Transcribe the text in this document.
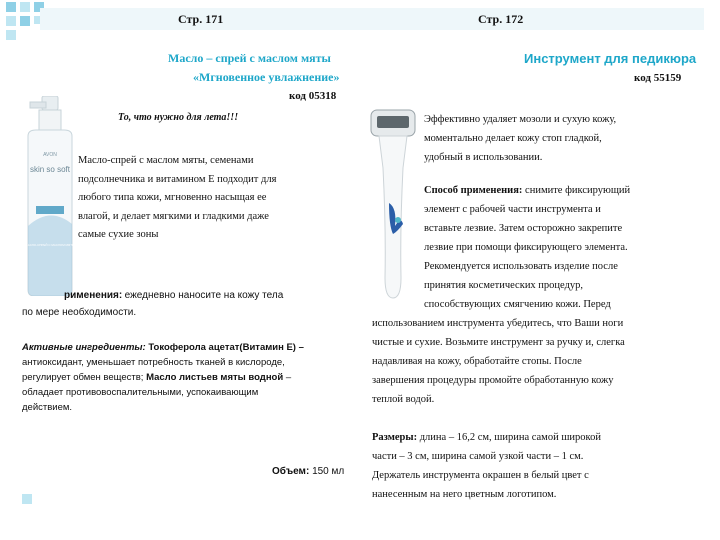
Стр. 171	Стр. 172
Масло – спрей с маслом мяты
«Мгновенное увлажнение»
код 05318
То, что нужно для лета!!!
AVON
skin so soft
МАСЛО-СПРЕЙ С МАСЛОМ МЯТЫ
Масло-спрей с маслом мяты, семенами
подсолнечника и витамином Е подходит для
любого типа кожи, мгновенно насыщая ее
влагой, и делает мягкими и гладкими даже
самые сухие зоны
рименения: ежедневно наносите на кожу тела
по мере необходимости.
Активные ингредиенты: Токоферола ацетат(Витамин Е) –
антиоксидант, уменьшает потребность тканей в кислороде,
регулирует обмен веществ; Масло листьев мяты водной –
обладает противовоспалительными, успокаивающим
действием.
Объем: 150 мл
Инструмент для педикюра
код 55159
Эффективно удаляет мозоли и сухую кожу,
моментально делает кожу стоп гладкой,
удобный в использовании.
Способ применения: снимите фиксирующий
элемент с рабочей части инструмента и
вставьте лезвие. Затем осторожно закрепите
лезвие при помощи фиксирующего элемента.
Рекомендуется использовать изделие после
принятия косметических процедур,
способствующих смягчению кожи. Перед
использованием инструмента убедитесь, что Ваши ноги
чистые и сухие. Возьмите инструмент за ручку и, слегка
надавливая на кожу, обработайте стопы. После
завершения процедуры промойте обработанную кожу
теплой водой.
Размеры: длина – 16,2 см, ширина самой широкой
части – 3 см, ширина самой узкой части – 1 см.
Держатель инструмента окрашен в белый цвет с
нанесенным на него цветным логотипом.
